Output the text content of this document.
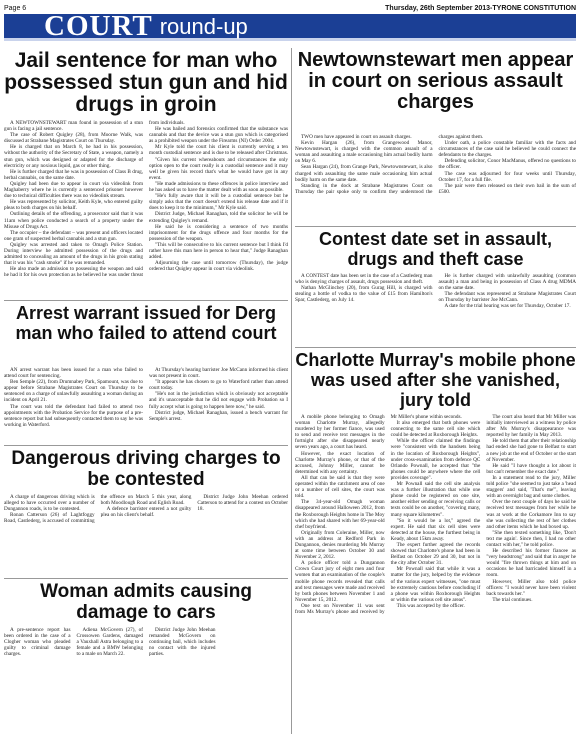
Page 6	Thursday, 26th September 2013-TYRONE CONSTITUTION
COURT round-up
Jail sentence for man who possessed stun gun and hid drugs in groin

A NEWTOWNSTEWART man found in possession of a stun gun is facing a jail sentence.

The case of Robert Quigley (28), from Moorne Walk, was discussed at Strabane Magistrates Court on Thursday.

He is charged that on March 8, he had in his possession, without the authority of the Secretary of State, a weapon, namely a stun gun, which was designed or adapted for the discharge of electricity or any noxious liquid, gas or other thing.

He is further charged that he was in possession of Class B drug, herbal cannabis, on the same date.

Quigley had been due to appear in court via videolink from Maghaberry where he is currently a sentenced prisoner however due to technical difficulties there was no videolink stream.

He was represented by solicitor, Keith Kyle, who entered guilty pleas to both charges on his behalf.

Outlining details of the offending, a prosecutor said that it was 11am when police conducted a search of a property under the Misuse of Drugs Act.

The occupier – the defendant – was present and officers located one gram of suspected herbal cannabis and a stun gun.

Quigley was arrested and taken to Omagh Police Station. During interview he admitted possession of the drugs and admitted to concealing an amount of the drugs in his groin stating that it was his "cash smoke" if he was remanded.

He also made an admission to possessing the weapon and said he had it for his own protection as he believed he was under threat from individuals.

He was bailed and forensics confirmed that the substance was cannabis and that the device was a stun gun which is categorised as a prohibited weapon under the Firearms (NI) Order 2004.

Mr Kyle told the court his client is currently serving a ten month custodial sentence and is due to be released after Christmas.

"Given his current whereabouts and circumstances the only option open to the court really is a custodial sentence and it may well be given his record that's what he would have got in any event.

"He made admissions to these offences in police interview and he has asked us to have the matter dealt with as soon as possible.

"He's fully aware that it will be a custodial sentence but he simply asks that the court doesn't extend his release date and if it does to keep it to the minimum," Mr Kyle said.

District Judge, Michael Ranaghan, told the solicitor he will be extending Quigley's remand.

He said he is considering a sentence of two months imprisonment for the drugs offence and four months for the possession of the weapon.

"This will be consecutive to his current sentence but I think I'd rather have this man here in person to hear that," Judge Ranaghan added.

Adjourning the case until tomorrow (Thursday), the judge ordered that Quigley appear in court via videolink.

Newtownstewart men appear in court on serious assault charges

TWO men have appeared in court on assault charges.

Kevin Hargan (26), from Grangewood Manor, Newtownstewart, is charged with the common assault of a woman and assaulting a male occasioning him actual bodily harm on May 6.

Sean Hargan (24), from Grange Park, Newtownstewart, is also charged with assaulting the same male occasioning him actual bodily harm on the same date.

Standing in the dock at Strabane Magistrates Court on Thursday the pair spoke only to confirm they understood the charges against them.

Under oath, a police constable familiar with the facts and circumstances of the case said he believed he could connect the defendants to the charges.

Defending solicitor, Conor MacManus, offered no questions to the officer.

The case was adjourned for four weeks until Thursday, October 17, for a full file.

The pair were then released on their own bail in the sum of £500.

Contest date set in assault, drugs and theft case

A CONTEST date has been set in the case of a Castlederg man who is denying charges of assault, drugs possession and theft.

Nathan McGlinchey (20), from Gurag Hill, is charged with stealing a bottle of vodka to the value of £15 from Hamilton's Spar, Castlederg, on July 14.

He is further charged with unlawfully assaulting (common assault) a man and being in possession of Class A drug MDMA on the same date.

The defendant was represented at Strabane Magistrates Court on Thursday by barrister Joe McCann.

A date for the trial hearing was set for Thursday, October 17.

Charlotte Murray's mobile phone was used after she vanished, jury told

A mobile phone belonging to Omagh woman Charlotte Murray, allegedly murdered by her former fiance, was used to send and receive text messages in the fortnight after she disappeared nearly seven years ago, a court has heard.

However, the exact location of Charlotte Murray's phone, or that of the accused, Johnny Miller, cannot be determined with any certainty.

All that can be said is that they were operated within the catchment area of one or a number of cell sites, the court was told.

The 34-year-old Omagh woman disappeared around Halloween 2012, from the Roxborough Heights home in The Moy which she had shared with her 69-year-old chef boyfriend.

Originally from Coleraine, Miller, now with an address at Redford Park in Dungannon, denies murdering Ms Murray at some time between October 30 and November 2, 2012.

A police officer told a Dungannon Crown Court jury of eight men and four women that an examination of the couple's mobile phone records revealed that calls and text messages were made and received by both phones between November 1 and November 15, 2012.

One text on November 11 was sent from Ms Murray's phone and received by Mr Miller's phone within seconds.

It also emerged that both phones were connecting to the same cell site which could be detected at Roxborough Heights.

While the officer claimed the findings were "consistent with the handsets being in the location of Roxborough Heights", under cross-examination from defence QC Orlando Pownall, he accepted that "the phones could be anywhere where the cell provides coverage".

Mr Pownall said the cell site analysis was a further illustration that while one phone could be registered on one site, another either sending or receiving calls or texts could be on another, "covering many, many square kilometres".

"So it would be a lot," agreed the expert. He said that six cell sites were detected at the house, the furthest being in Keady, about 15km away.

The expert further agreed the records showed that Charlotte's phone had been in Belfast on October 29 and 30, but not in the city after October 31.

Mr Pownall said that while it was a matter for the jury, helped by the evidence of the various expert witnesses, "one must be extremely cautious before concluding if a phone was within Roxborough Heights or within the various cell site areas".

This was accepted by the officer.

The court also heard that Mr Miller was initially interviewed as a witness by police after Ms Murray's disappearance was reported by her family in May 2013.

He told them that after their relationship had ended she had gone to Belfast to start a new job at the end of October or the start of November.

He said "I have thought a lot about it but can't remember the exact date."

In a statement read to the jury, Miller told police "she seemed to just take a 'head staggers' and said, 'That's me'", leaving with an overnight bag and some clothes.

Over the next couple of days he said he received text messages from her while he was at work at the Corkamore Inn to say she was collecting the rest of her clothes and other items which he had boxed up.

"She then texted something like, 'Don't text me again'. Since then, I had no other contact with her," he told police.

He described his former fiancee as "very headstrong" and said that in anger he would "fire thrown things at him and on occasions he had barricaded himself in a room.

However, Miller also told police officers: "I would never have been violent back towards her."

The trial continues.

Arrest warrant issued for Derg man who failed to attend court

AN arrest warrant has been issued for a man who failed to attend court for sentencing.

Ben Semple (22), from Drumnabey Park, Spamount, was due to appear before Strabane Magistrates Court on Thursday to be sentenced on a charge of unlawfully assaulting a woman during an incident on April 21.

The court was told the defendant had failed to attend two appointments with the Probation Service for the purpose of a pre-sentence report but had subsequently contacted them to say he was working in Waterford.

At Thursday's hearing barrister Joe McCann informed his client was not present in court.

"It appears he has chosen to go to Waterford rather than attend court today.

"He's not in the jurisdiction which is obviously not acceptable and it's unacceptable that he did not engage with Probation so I fully accept what is going to happen here now," he said.

District judge, Michael Ranaghan, issued a bench warrant for Semple's arrest.

Dangerous driving charges to be contested

A charge of dangerous driving which is alleged to have occurred over a number of Dungannon roads, is to be contested.

Ronan Catterson (26) of Laghtfoggy Road, Castlederg, is accused of committing the offence on March 5 this year, along both Moodlough Road and Eglish Road.

A defence barrister entered a not guilty plea on his client's behalf.

District Judge John Meehan ordered Catterson to attend for a contest on October 18.

Woman admits causing damage to cars

A pre-sentence report has been ordered in the case of a Clogher woman who pleaded guilty to criminal damage charges.

Adiena McGovern (27), of Crossowen Gardens, damaged a Vauxhall Astra belonging to a female and a BMW belonging to a male on March 22.

District Judge John Meehan remanded McGovern on continuing bail, which includes no contact with the injured parties.
